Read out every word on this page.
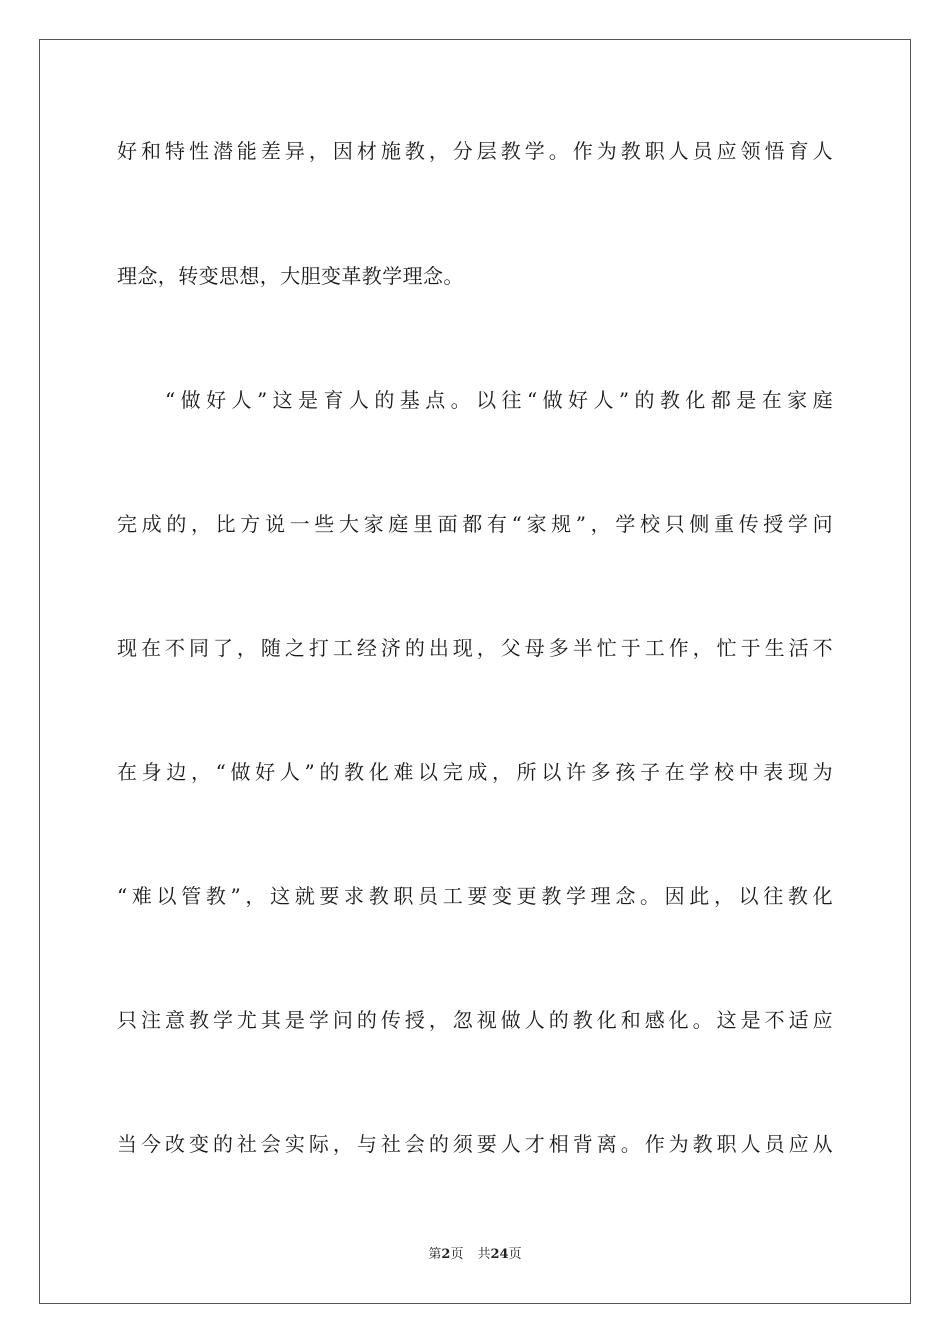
好和特性潜能差异，因材施教，分层教学。作为教职人员应领悟育人
理念，转变思想，大胆变革教学理念。
“做好人”这是育人的基点。以往“做好人”的教化都是在家庭
完成的，比方说一些大家庭里面都有“家规”，学校只侧重传授学问
现在不同了，随之打工经济的出现，父母多半忙于工作，忙于生活不
在身边，“做好人”的教化难以完成，所以许多孩子在学校中表现为
“难以管教”，这就要求教职员工要变更教学理念。因此，以往教化
只注意教学尤其是学问的传授，忽视做人的教化和感化。这是不适应
当今改变的社会实际，与社会的须要人才相背离。作为教职人员应从
第2页 共24页
